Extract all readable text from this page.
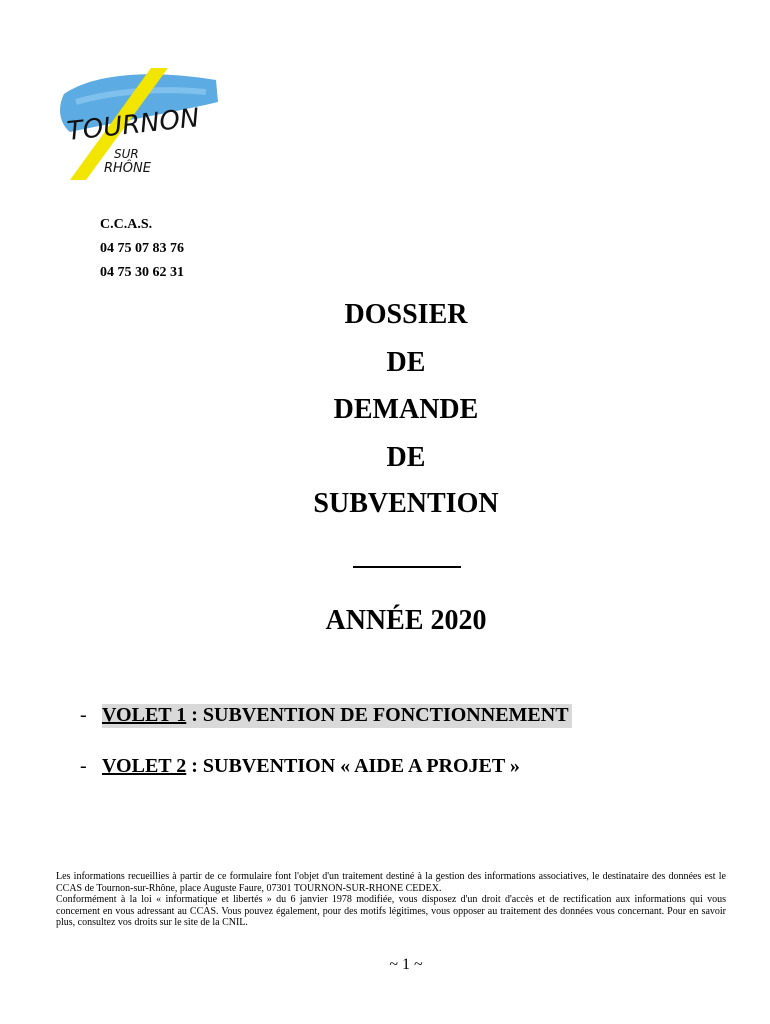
TOURNON
SUR
RHÔNE
C.C.A.S.
04 75 07 83 76
04 75 30 62 31
DOSSIER
DE
DEMANDE
DE
SUBVENTION
ANNÉE 2020
- VOLET 1 : SUBVENTION DE FONCTIONNEMENT
- VOLET 2 : SUBVENTION « AIDE A PROJET »

Les informations recueillies à partir de ce formulaire font l'objet d'un traitement destiné à la gestion des informations associatives, le destinataire des données est le CCAS de Tournon-sur-Rhône, place Auguste Faure, 07301 TOURNON-SUR-RHONE CEDEX.

Conformément à la loi « informatique et libertés » du 6 janvier 1978 modifiée, vous disposez d'un droit d'accès et de rectification aux informations qui vous concernent en vous adressant au CCAS. Vous pouvez également, pour des motifs légitimes, vous opposer au traitement des données vous concernant. Pour en savoir plus, consultez vos droits sur le site de la CNIL.

~ 1 ~
